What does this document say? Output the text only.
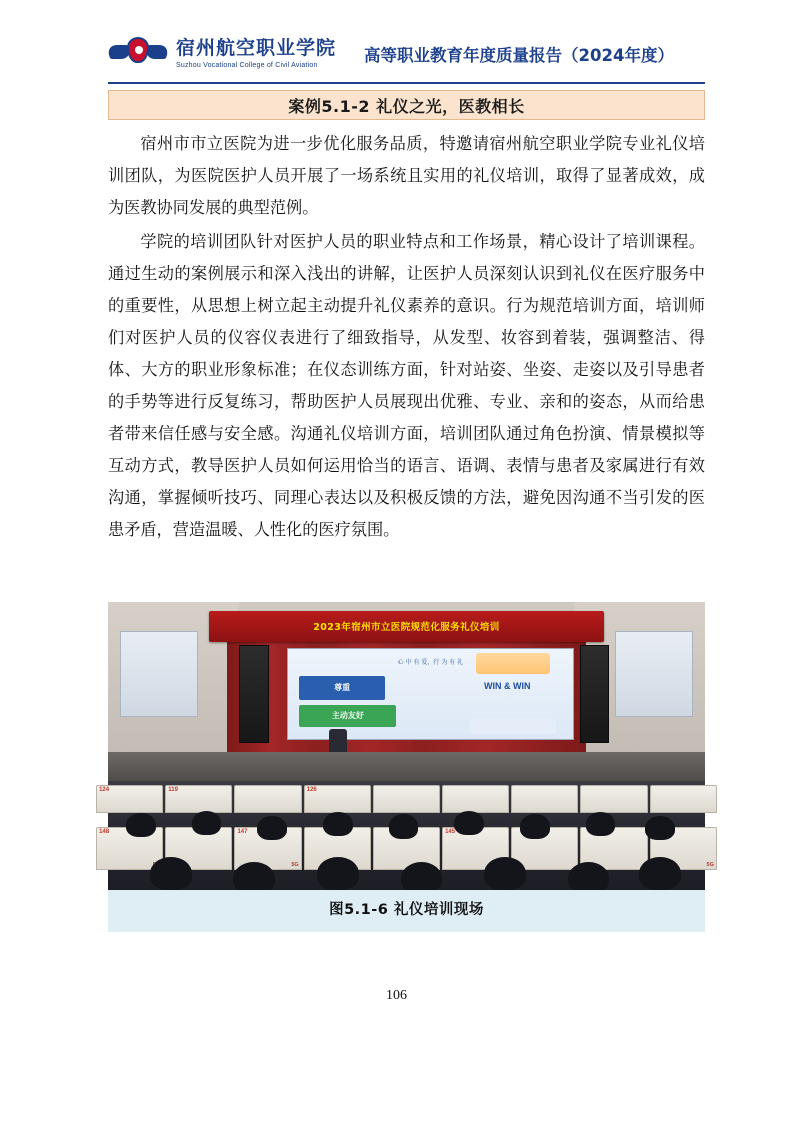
宿州航空职业学院
Suzhou Vocational College of Civil Aviation
高等职业教育年度质量报告（2024年度）
案例5.1-2 礼仪之光，医教相长

宿州市市立医院为进一步优化服务品质，特邀请宿州航空职业学院专业礼仪培训团队，为医院医护人员开展了一场系统且实用的礼仪培训，取得了显著成效，成为医教协同发展的典型范例。

学院的培训团队针对医护人员的职业特点和工作场景，精心设计了培训课程。通过生动的案例展示和深入浅出的讲解，让医护人员深刻认识到礼仪在医疗服务中的重要性，从思想上树立起主动提升礼仪素养的意识。行为规范培训方面，培训师们对医护人员的仪容仪表进行了细致指导，从发型、妆容到着装，强调整洁、得体、大方的职业形象标准；在仪态训练方面，针对站姿、坐姿、走姿以及引导患者的手势等进行反复练习，帮助医护人员展现出优雅、专业、亲和的姿态，从而给患者带来信任感与安全感。沟通礼仪培训方面，培训团队通过角色扮演、情景模拟等互动方式，教导医护人员如何运用恰当的语言、语调、表情与患者及家属进行有效沟通，掌握倾听技巧、同理心表达以及积极反馈的方法，避免因沟通不当引发的医患矛盾，营造温暖、人性化的医疗氛围。

2023年宿州市立医院规范化服务礼仪培训
心 中 有 爱，行 为 有 礼
尊重
主动友好
WIN & WIN
124	119	126
148	147
5G
145
5G
图5.1-6 礼仪培训现场
106
